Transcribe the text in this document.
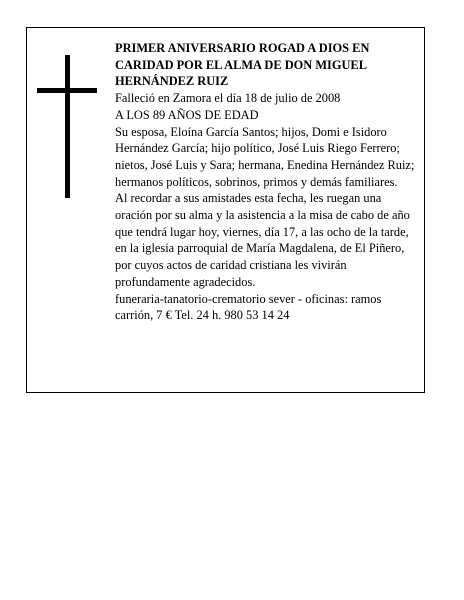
PRIMER ANIVERSARIO ROGAD A DIOS EN CARIDAD POR EL ALMA DE DON MIGUEL HERNÁNDEZ RUIZ

Falleció en Zamora el día 18 de julio de 2008

A LOS 89 AÑOS DE EDAD

Su esposa, Eloína García Santos; hijos, Domi e Isidoro Hernández García; hijo político, José Luis Riego Ferrero; nietos, José Luis y Sara; hermana, Enedina Hernández Ruiz; hermanos políticos, sobrinos, primos y demás familiares.

Al recordar a sus amistades esta fecha, les ruegan una oración por su alma y la asistencia a la misa de cabo de año que tendrá lugar hoy, viernes, día 17, a las ocho de la tarde, en la iglesia parroquial de María Magdalena, de El Piñero, por cuyos actos de caridad cristiana les vivirán profundamente agradecidos.

funeraria-tanatorio-crematorio sever - oficinas: ramos carrión, 7 € Tel. 24 h. 980 53 14 24
